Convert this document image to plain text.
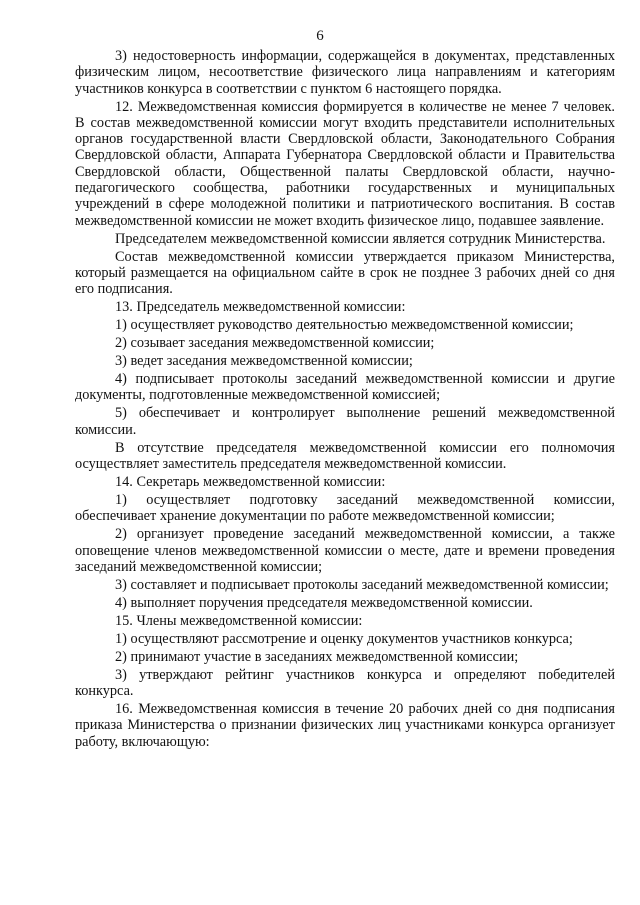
6

3) недостоверность информации, содержащейся в документах, представленных физическим лицом, несоответствие физического лица направлениям и категориям участников конкурса в соответствии с пунктом 6 настоящего порядка.

12. Межведомственная комиссия формируется в количестве не менее 7 человек. В состав межведомственной комиссии могут входить представители исполнительных органов государственной власти Свердловской области, Законодательного Собрания Свердловской области, Аппарата Губернатора Свердловской области и Правительства Свердловской области, Общественной палаты Свердловской области, научно-педагогического сообщества, работники государственных и муниципальных учреждений в сфере молодежной политики и патриотического воспитания. В состав межведомственной комиссии не может входить физическое лицо, подавшее заявление.

Председателем межведомственной комиссии является сотрудник Министерства.

Состав межведомственной комиссии утверждается приказом Министерства, который размещается на официальном сайте в срок не позднее 3 рабочих дней со дня его подписания.

13. Председатель межведомственной комиссии:

1) осуществляет руководство деятельностью межведомственной комиссии;

2) созывает заседания межведомственной комиссии;

3) ведет заседания межведомственной комиссии;

4) подписывает протоколы заседаний межведомственной комиссии и другие документы, подготовленные межведомственной комиссией;

5) обеспечивает и контролирует выполнение решений межведомственной комиссии.

В отсутствие председателя межведомственной комиссии его полномочия осуществляет заместитель председателя межведомственной комиссии.

14. Секретарь межведомственной комиссии:

1) осуществляет подготовку заседаний межведомственной комиссии, обеспечивает хранение документации по работе межведомственной комиссии;

2) организует проведение заседаний межведомственной комиссии, а также оповещение членов межведомственной комиссии о месте, дате и времени проведения заседаний межведомственной комиссии;

3) составляет и подписывает протоколы заседаний межведомственной комиссии;

4) выполняет поручения председателя межведомственной комиссии.

15. Члены межведомственной комиссии:

1) осуществляют рассмотрение и оценку документов участников конкурса;

2) принимают участие в заседаниях межведомственной комиссии;

3) утверждают рейтинг участников конкурса и определяют победителей конкурса.

16. Межведомственная комиссия в течение 20 рабочих дней со дня подписания приказа Министерства о признании физических лиц участниками конкурса организует работу, включающую:
